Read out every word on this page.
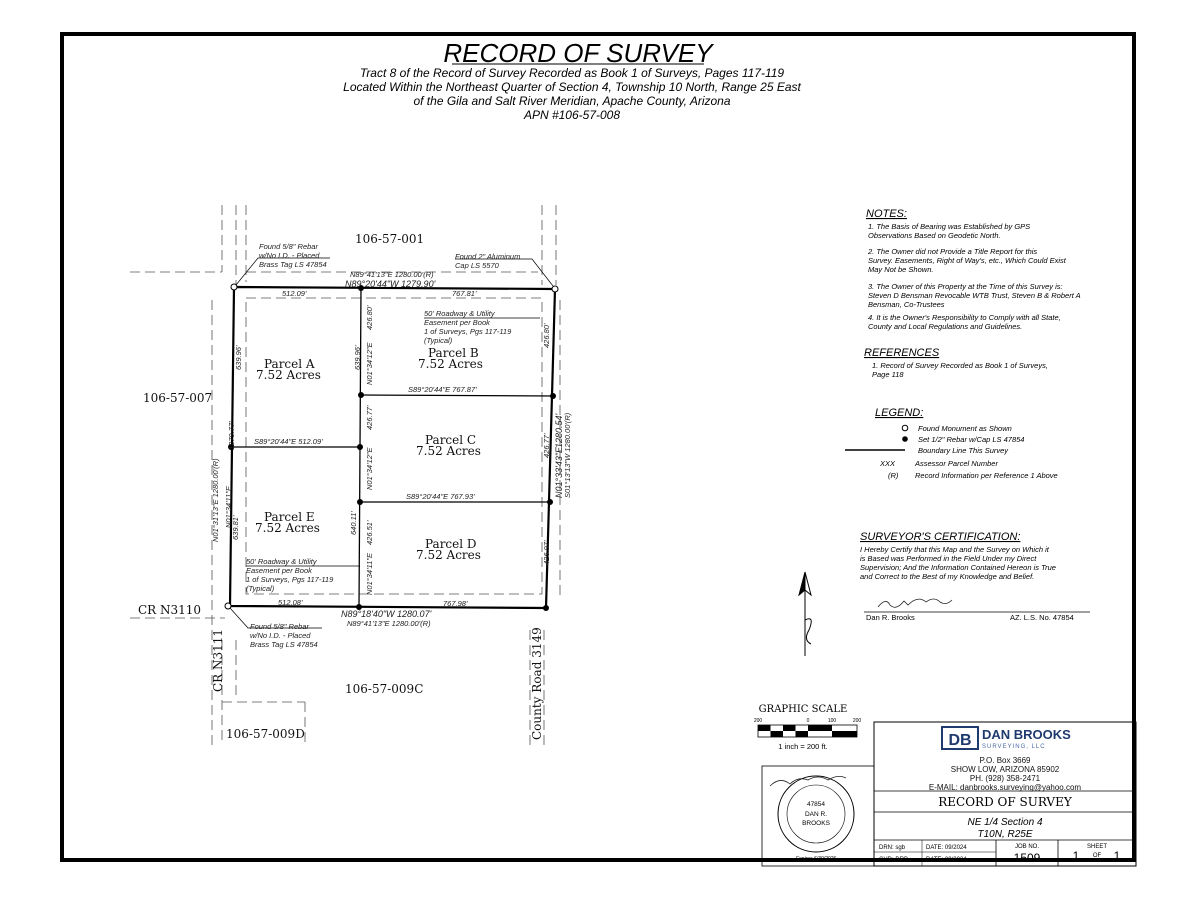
RECORD OF SURVEY
Tract 8 of the Record of Survey Recorded as Book 1 of Surveys, Pages 117-119
Located Within the Northeast Quarter of Section 4, Township 10 North, Range 25 East
of the Gila and Salt River Meridian, Apache County, Arizona
APN #106-57-008
106-57-001
106-57-007
106-57-009C
106-57-009D
CR N3110
CR N3111	County Road 3149
Parcel A
7.52 Acres
Parcel B
7.52 Acres
Parcel C
7.52 Acres
Parcel D
7.52 Acres
Parcel E
7.52 Acres
Found 5/8" Rebar
w/No I.D. - Placed
Brass Tag LS 47854
Found 2" Aluminum
Cap LS 5570
Found 5/8" Rebar
w/No I.D. - Placed
Brass Tag LS 47854
N89°41'13"E 1280.00'(R)
N89°20'44"W 1279.90'
512.09'	767.81'
512.08'	767.98'
N89°18'40"W 1280.07'
N89°41'13"E 1280.00'(R)
50' Roadway & Utility
Easement per Book
1 of Surveys, Pgs 117-119
(Typical)
50' Roadway & Utility
Easement per Book
1 of Surveys, Pgs 117-119
(Typical)
S89°20'44"E 767.87'
S89°20'44"E 512.09'
S89°20'44"E 767.93'
N01°34'11"E
N01°31'13"E 1280.00'(R)
1279.77'
639.96'
639.81'
639.96'
426.80'
N01°34'12"E
426.77'
N01°34'12"E
640.11' 426.51'
N01°34'11"E
426.80'
426.77'
426.97'
1280.54'
N01°33'43"E S01°13'13"W 1280.00'(R)
NOTES:
1. The Basis of Bearing was Established by GPS
Observations Based on Geodetic North.
2. The Owner did not Provide a Title Report for this
Survey. Easements, Right of Way's, etc., Which Could Exist
May Not be Shown.
3. The Owner of this Property at the Time of this Survey is:
Steven D Bensman Revocable WTB Trust, Steven B & Robert A
Bensman, Co-Trustees
4. It is the Owner's Responsibility to Comply with all State,
County and Local Regulations and Guidelines.
REFERENCES
1. Record of Survey Recorded as Book 1 of Surveys,
Page 118
LEGEND:
Found Monument as Shown
Set 1/2" Rebar w/Cap LS 47854
Boundary Line This Survey
XXX	Assessor Parcel Number
(R) Record Information per Reference 1 Above
SURVEYOR'S CERTIFICATION:
I Hereby Certify that this Map and the Survey on Which it
is Based was Performed in the Field Under my Direct
Supervision; And the Information Contained Hereon is True
and Correct to the Best of my Knowledge and Belief.
Dan R. Brooks	AZ. L.S. No. 47854
GRAPHIC SCALE
200	0	100	200
1 inch = 200 ft.
47854
DAN R.
BROOKS
Expires 6/30/2026
DB DAN BROOKS
SURVEYING, LLC
P.O. Box 3669
SHOW LOW, ARIZONA 85902
PH. (928) 358-2471
E-MAIL: danbrooks.surveying@yahoo.com
RECORD OF SURVEY
NE 1/4 Section 4
T10N, R25E
DRN: sgb	DATE: 09/2024
CHD: DRB	DATE: 09/2024
JOB NO.	SHEET
OF
1509	1	1
